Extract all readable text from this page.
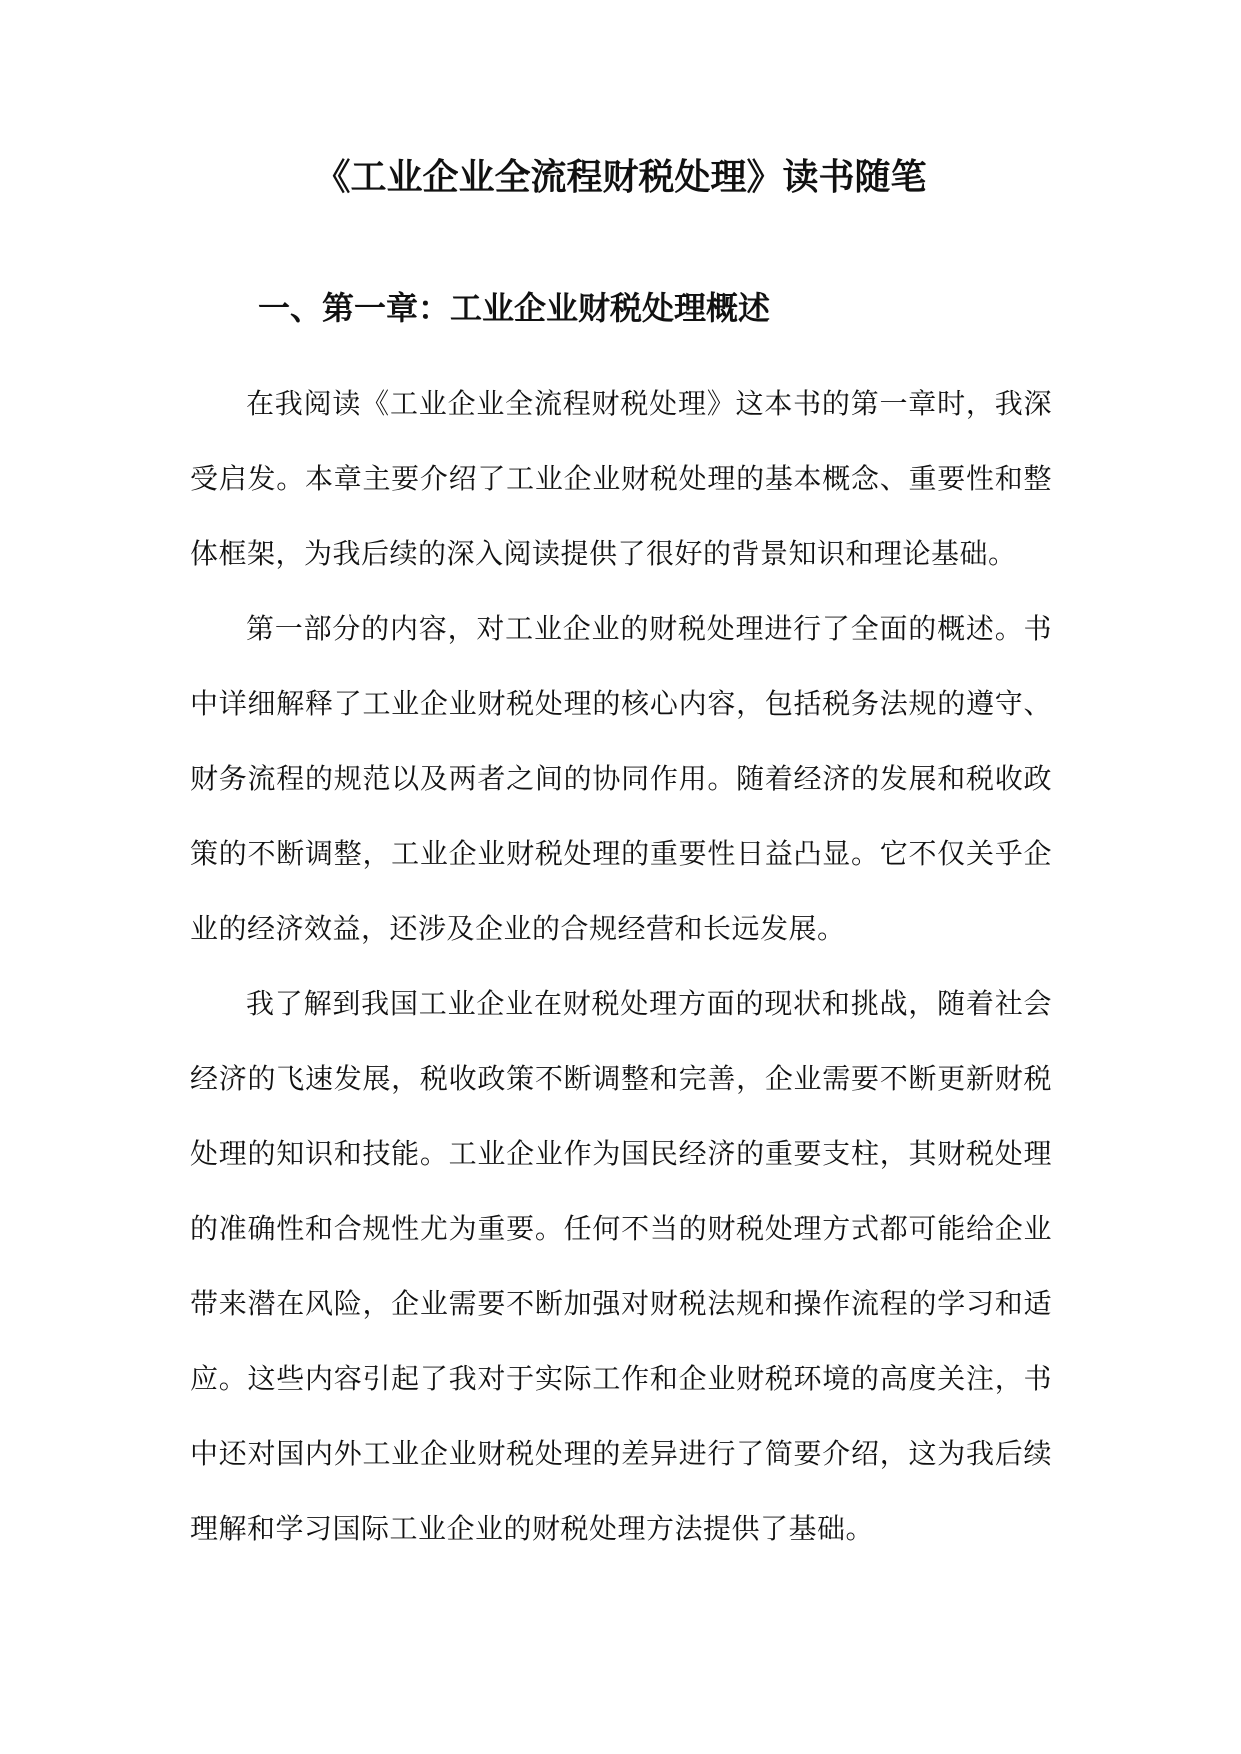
《工业企业全流程财税处理》读书随笔
一、第一章：工业企业财税处理概述

在我阅读《工业企业全流程财税处理》这本书的第一章时，我深受启发。本章主要介绍了工业企业财税处理的基本概念、重要性和整体框架，为我后续的深入阅读提供了很好的背景知识和理论基础。

第一部分的内容，对工业企业的财税处理进行了全面的概述。书中详细解释了工业企业财税处理的核心内容，包括税务法规的遵守、财务流程的规范以及两者之间的协同作用。随着经济的发展和税收政策的不断调整，工业企业财税处理的重要性日益凸显。它不仅关乎企业的经济效益，还涉及企业的合规经营和长远发展。

我了解到我国工业企业在财税处理方面的现状和挑战，随着社会经济的飞速发展，税收政策不断调整和完善，企业需要不断更新财税处理的知识和技能。工业企业作为国民经济的重要支柱，其财税处理的准确性和合规性尤为重要。任何不当的财税处理方式都可能给企业带来潜在风险，企业需要不断加强对财税法规和操作流程的学习和适应。这些内容引起了我对于实际工作和企业财税环境的高度关注，书中还对国内外工业企业财税处理的差异进行了简要介绍，这为我后续理解和学习国际工业企业的财税处理方法提供了基础。
